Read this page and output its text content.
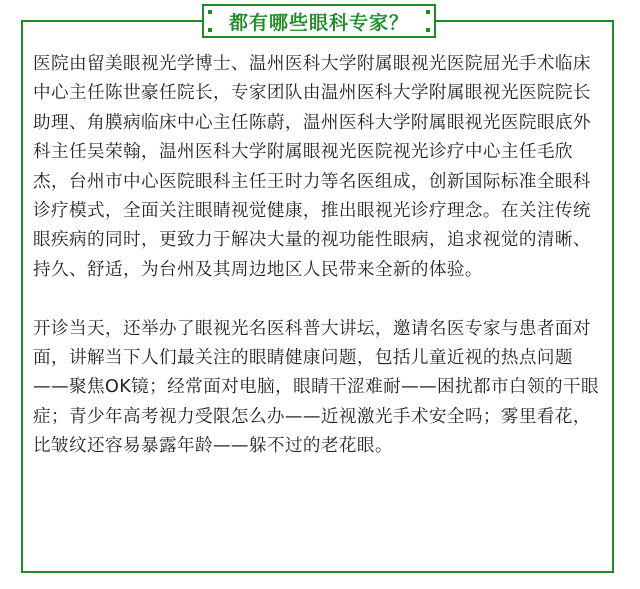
都有哪些眼科专家？

医院由留美眼视光学博士、温州医科大学附属眼视光医院屈光手术临床中心主任陈世豪任院长，专家团队由温州医科大学附属眼视光医院院长助理、角膜病临床中心主任陈蔚，温州医科大学附属眼视光医院眼底外科主任吴荣翰，温州医科大学附属眼视光医院视光诊疗中心主任毛欣杰，台州市中心医院眼科主任王时力等名医组成，创新国际标准全眼科诊疗模式，全面关注眼睛视觉健康，推出眼视光诊疗理念。在关注传统眼疾病的同时，更致力于解决大量的视功能性眼病，追求视觉的清晰、持久、舒适，为台州及其周边地区人民带来全新的体验。

开诊当天，还举办了眼视光名医科普大讲坛，邀请名医专家与患者面对面，讲解当下人们最关注的眼睛健康问题，包括儿童近视的热点问题——聚焦OK镜；经常面对电脑，眼睛干涩难耐——困扰都市白领的干眼症；青少年高考视力受限怎么办——近视激光手术安全吗；雾里看花，比皱纹还容易暴露年龄——躲不过的老花眼。
